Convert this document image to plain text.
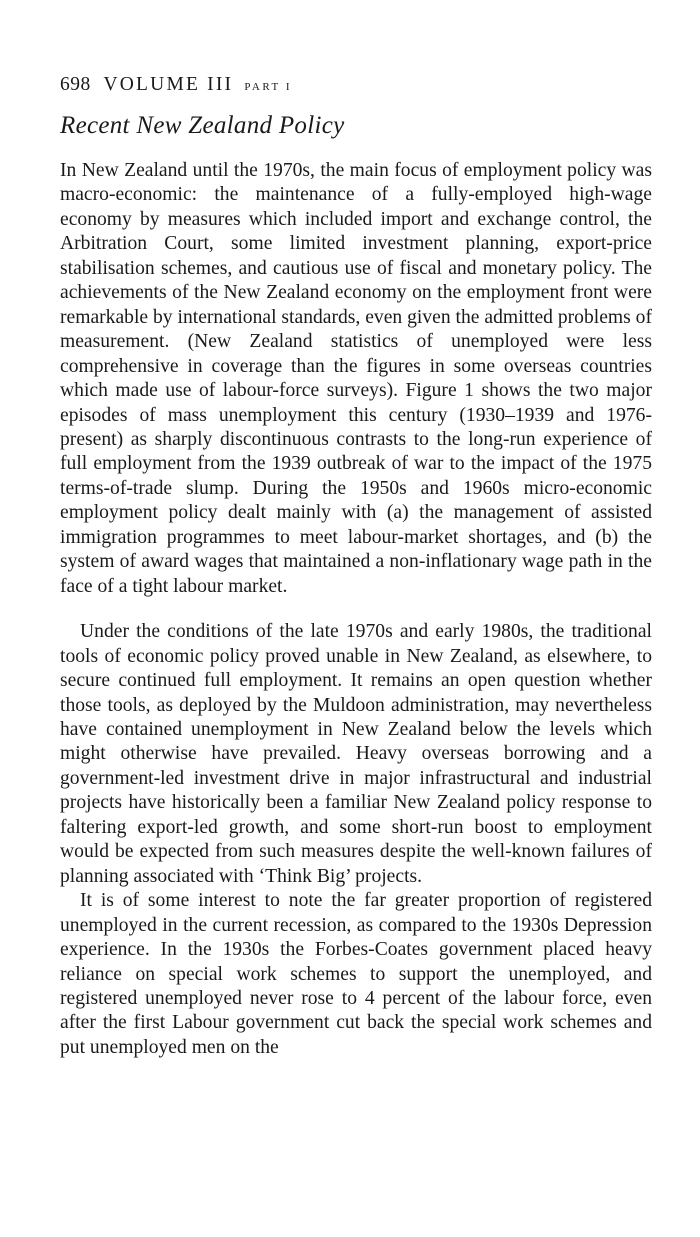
698 VOLUME III PART I
Recent New Zealand Policy

In New Zealand until the 1970s, the main focus of employment policy was macro-economic: the maintenance of a fully-employed high-wage economy by measures which included import and exchange control, the Arbitration Court, some limited investment planning, export-price stabilisation schemes, and cautious use of fiscal and monetary policy. The achievements of the New Zealand economy on the employment front were remarkable by international standards, even given the admitted problems of measurement. (New Zealand statistics of unemployed were less comprehensive in coverage than the figures in some overseas countries which made use of labour-force surveys). Figure 1 shows the two major episodes of mass unemployment this century (1930–1939 and 1976-present) as sharply discontinuous contrasts to the long-run experience of full employment from the 1939 outbreak of war to the impact of the 1975 terms-of-trade slump. During the 1950s and 1960s micro-economic employment policy dealt mainly with (a) the management of assisted immigration programmes to meet labour-market shortages, and (b) the system of award wages that maintained a non-inflationary wage path in the face of a tight labour market.

Under the conditions of the late 1970s and early 1980s, the traditional tools of economic policy proved unable in New Zealand, as elsewhere, to secure continued full employment. It remains an open question whether those tools, as deployed by the Muldoon administration, may nevertheless have contained unemployment in New Zealand below the levels which might otherwise have prevailed. Heavy overseas borrowing and a government-led investment drive in major infrastructural and industrial projects have historically been a familiar New Zealand policy response to faltering export-led growth, and some short-run boost to employment would be expected from such measures despite the well-known failures of planning associated with ‘Think Big’ projects.

It is of some interest to note the far greater proportion of registered unemployed in the current recession, as compared to the 1930s Depression experience. In the 1930s the Forbes-Coates government placed heavy reliance on special work schemes to support the unemployed, and registered unemployed never rose to 4 percent of the labour force, even after the first Labour government cut back the special work schemes and put unemployed men on the
